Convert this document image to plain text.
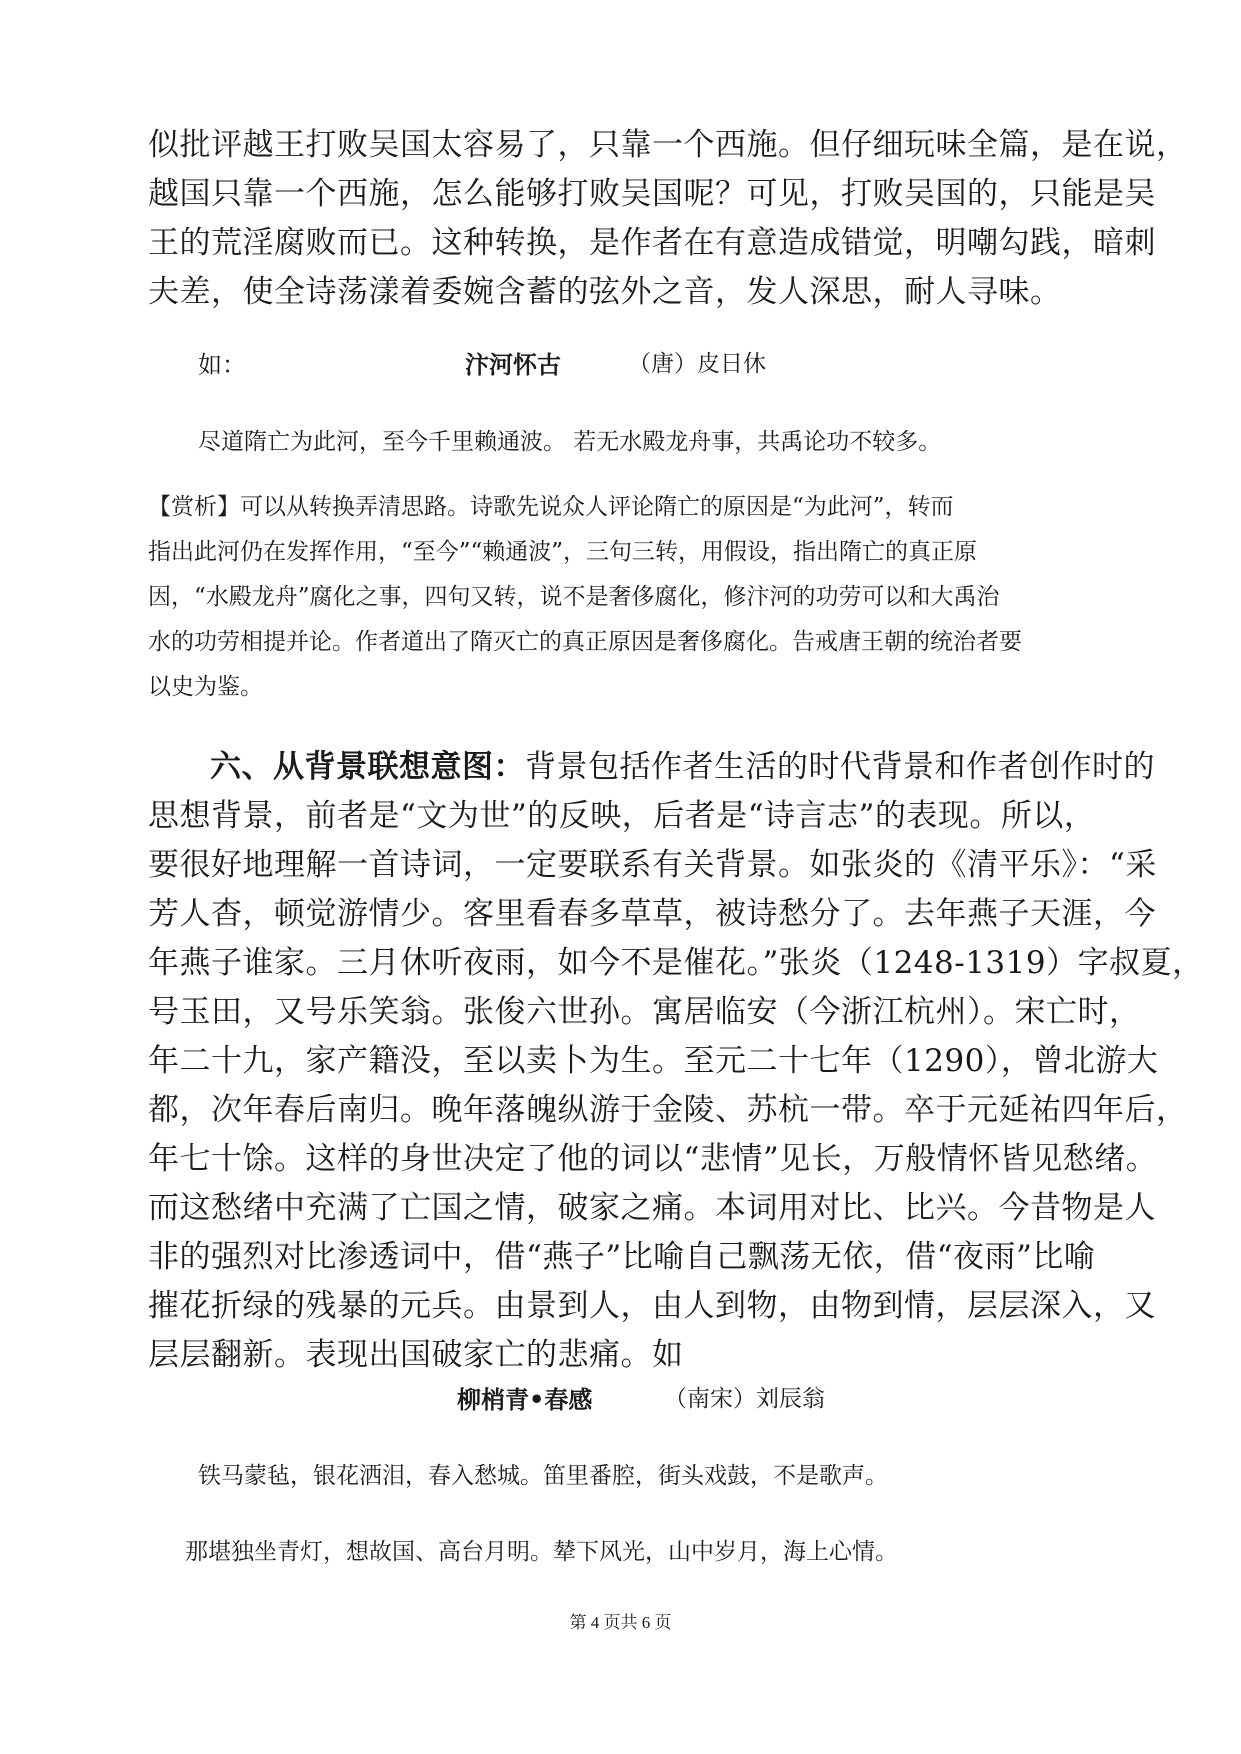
似批评越王打败吴国太容易了，只靠一个西施。但仔细玩味全篇，是在说，
越国只靠一个西施，怎么能够打败吴国呢？可见，打败吴国的，只能是吴
王的荒淫腐败而已。这种转换，是作者在有意造成错觉，明嘲勾践，暗刺
夫差，使全诗荡漾着委婉含蓄的弦外之音，发人深思，耐人寻味。
如：	汴河怀古	（唐）皮日休
尽道隋亡为此河，至今千里赖通波。 若无水殿龙舟事，共禹论功不较多。
【赏析】可以从转换弄清思路。诗歌先说众人评论隋亡的原因是“为此河”，转而
指出此河仍在发挥作用，“至今”“赖通波”，三句三转，用假设，指出隋亡的真正原
因，“水殿龙舟”腐化之事，四句又转，说不是奢侈腐化，修汴河的功劳可以和大禹治
水的功劳相提并论。作者道出了隋灭亡的真正原因是奢侈腐化。告戒唐王朝的统治者要
以史为鉴。
六、从背景联想意图：背景包括作者生活的时代背景和作者创作时的
思想背景，前者是“文为世”的反映，后者是“诗言志”的表现。所以，
要很好地理解一首诗词，一定要联系有关背景。如张炎的《清平乐》：“采
芳人杳，顿觉游情少。客里看春多草草，被诗愁分了。去年燕子天涯，今
年燕子谁家。三月休听夜雨，如今不是催花。”张炎（1248-1319）字叔夏，
号玉田，又号乐笑翁。张俊六世孙。寓居临安（今浙江杭州）。宋亡时，
年二十九，家产籍没，至以卖卜为生。至元二十七年（1290），曾北游大
都，次年春后南归。晚年落魄纵游于金陵、苏杭一带。卒于元延祐四年后，
年七十馀。这样的身世决定了他的词以“悲情”见长，万般情怀皆见愁绪。
而这愁绪中充满了亡国之情，破家之痛。本词用对比、比兴。今昔物是人
非的强烈对比渗透词中，借“燕子”比喻自己飘荡无依，借“夜雨”比喻
摧花折绿的残暴的元兵。由景到人，由人到物，由物到情，层层深入，又
层层翻新。表现出国破家亡的悲痛。如
柳梢青•春感	（南宋）刘辰翁
铁马蒙毡，银花洒泪，春入愁城。笛里番腔，街头戏鼓，不是歌声。
那堪独坐青灯，想故国、高台月明。辇下风光，山中岁月，海上心情。
第 4 页共 6 页
